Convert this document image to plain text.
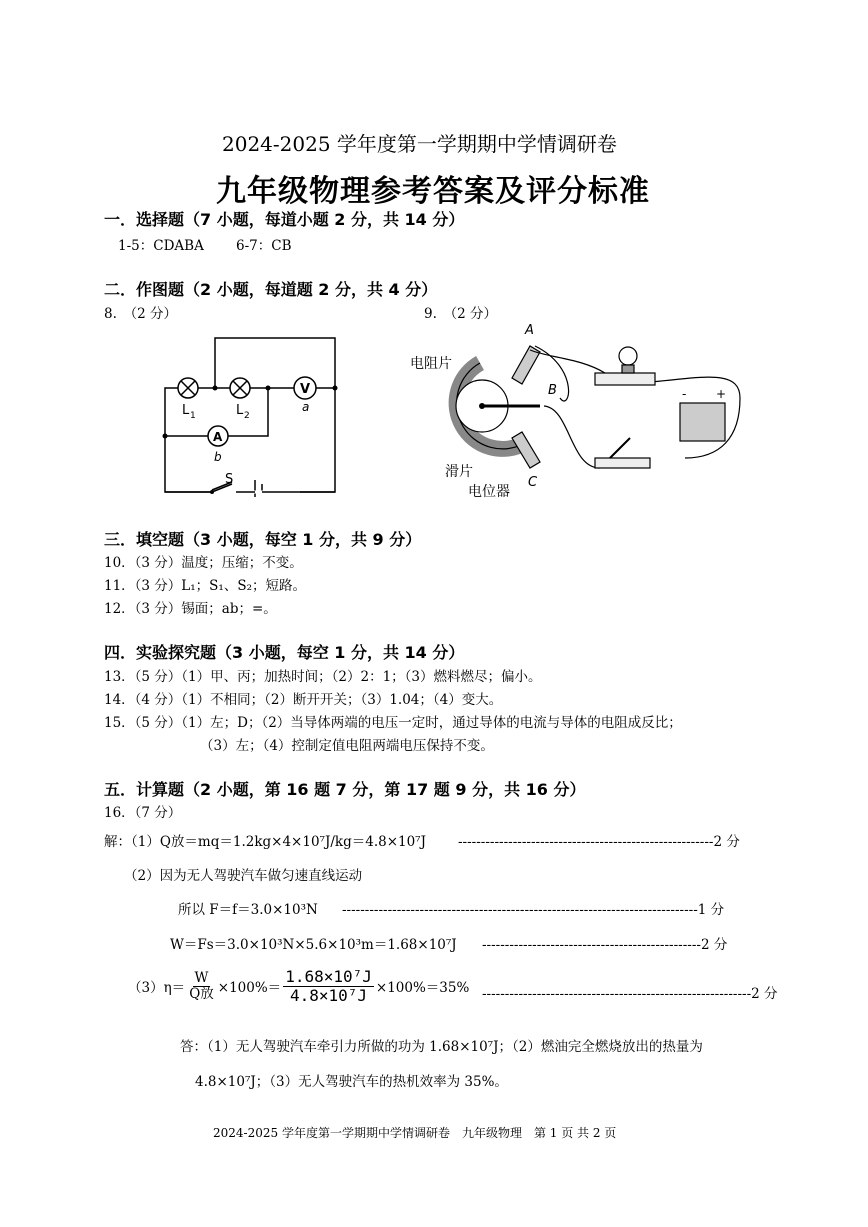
2024-2025 学年度第一学期期中学情调研卷
九年级物理参考答案及评分标准
一．选择题（7 小题，每道小题 2 分，共 14 分）
1-5：CDABA 6-7：CB
二．作图题（2 小题，每道题 2 分，共 4 分）
8.　（2 分）	9.　（2 分）
V
a
A
b
L 1	L 2
S
A
B
C
+
-
电阻片
滑片
电位器
三．填空题（3 小题，每空 1 分，共 9 分）
10．（3 分）温度；压缩；不变。
11．（3 分）L₁；S₁、S₂；短路。
12．（3 分）锡面；ab；=。
四．实验探究题（3 小题，每空 1 分，共 14 分）
13．（5 分）（1）甲、丙；加热时间；（2）2：1；（3）燃料燃尽；偏小。
14．（4 分）（1）不相同；（2）断开开关；（3）1.04；（4）变大。
15．（5 分）（1）左；D；（2）当导体两端的电压一定时，通过导体的电流与导体的电阻成反比；
（3）左；（4）控制定值电阻两端电压保持不变。
五．计算题（2 小题，第 16 题 7 分，第 17 题 9 分，共 16 分）
16．（7 分）
解：（1）Q放＝mq＝1.2kg×4×10⁷J/kg＝4.8×10⁷J --------------------------------------------------------2 分
（2）因为无人驾驶汽车做匀速直线运动
所以 F＝f＝3.0×10³N ------------------------------------------------------------------------------1 分
W＝Fs＝3.0×10³N×5.6×10³m＝1.68×10⁷J ------------------------------------------------2 分
$(3)\eta= \frac{W}{\text{Q放}} \times 100\%= \frac{\text{1.68×10⁷J}}{\text{4.8×10⁷J}} \times 100\%=35\%$ -----------------------------------------------------------2 分
答：（1）无人驾驶汽车牵引力所做的功为 1.68×10⁷J；（2）燃油完全燃烧放出的热量为
4.8×10⁷J；（3）无人驾驶汽车的热机效率为 35%。
2024-2025 学年度第一学期期中学情调研卷　九年级物理　第 1 页 共 2 页
